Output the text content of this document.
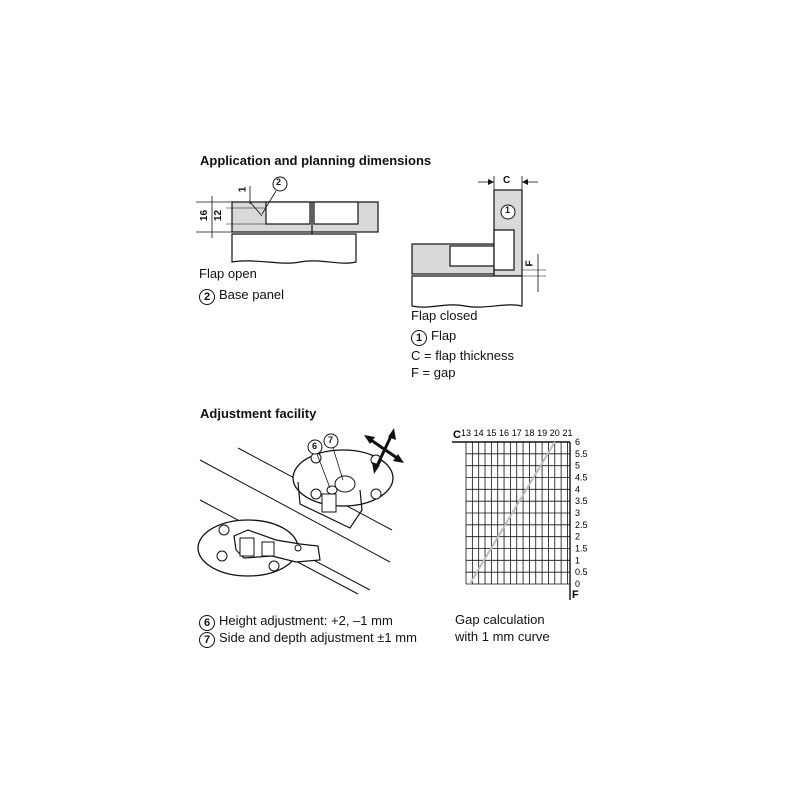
Application and planning dimensions
Adjustment facility
16 12
1
2
Flap open
2 Base panel
C
F
1
Flap closed
1 Flap
C = flap thickness
F = gap
6
7
6 Height adjustment: +2, –1 mm
7 Side and depth adjustment ±1 mm
13 14 15 16 17 18 19 20 21
6
5.5
5
4.5
4
3.5
3
2.5
2
1.5
1
0.5
0
C
F
Gap calculation
with 1 mm curve
